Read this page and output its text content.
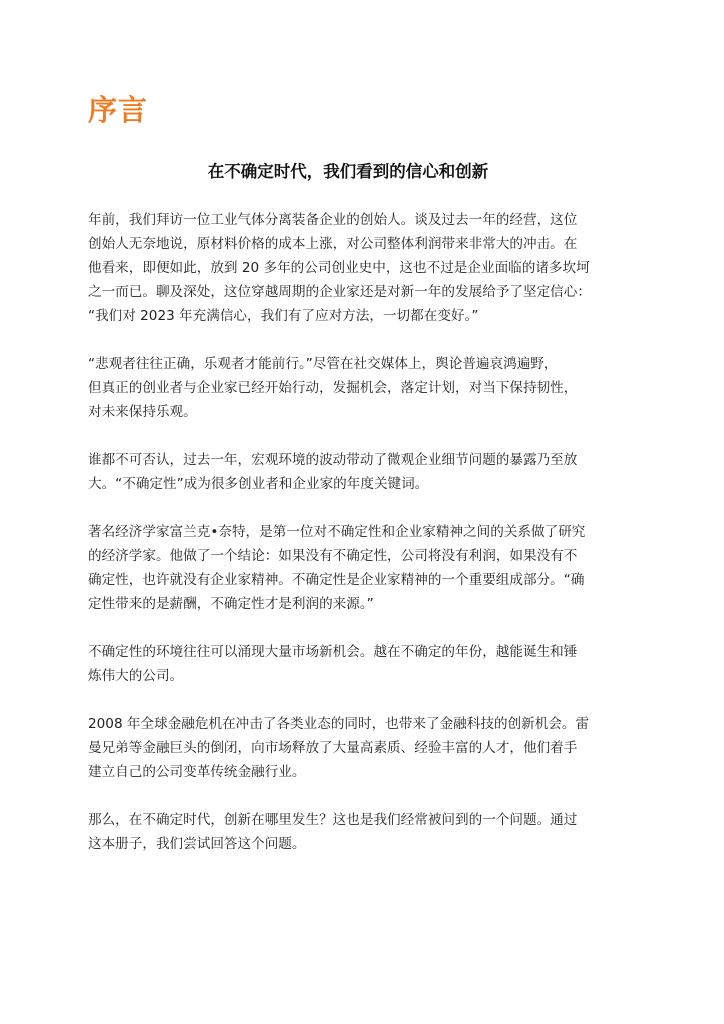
序言
在不确定时代，我们看到的信心和创新

年前，我们拜访一位工业气体分离装备企业的创始人。谈及过去一年的经营，这位
创始人无奈地说，原材料价格的成本上涨，对公司整体利润带来非常大的冲击。在
他看来，即便如此，放到 20 多年的公司创业史中，这也不过是企业面临的诸多坎坷
之一而已。聊及深处，这位穿越周期的企业家还是对新一年的发展给予了坚定信心：
“我们对 2023 年充满信心，我们有了应对方法，一切都在变好。”

“悲观者往往正确，乐观者才能前行。”尽管在社交媒体上，舆论普遍哀鸿遍野，
但真正的创业者与企业家已经开始行动，发掘机会，落定计划，对当下保持韧性，
对未来保持乐观。

谁都不可否认，过去一年，宏观环境的波动带动了微观企业细节问题的暴露乃至放
大。“不确定性”成为很多创业者和企业家的年度关键词。

著名经济学家富兰克•奈特，是第一位对不确定性和企业家精神之间的关系做了研究
的经济学家。他做了一个结论：如果没有不确定性，公司将没有利润，如果没有不
确定性，也许就没有企业家精神。不确定性是企业家精神的一个重要组成部分。“确
定性带来的是薪酬，不确定性才是利润的来源。”

不确定性的环境往往可以涌现大量市场新机会。越在不确定的年份，越能诞生和锤
炼伟大的公司。

2008 年全球金融危机在冲击了各类业态的同时，也带来了金融科技的创新机会。雷
曼兄弟等金融巨头的倒闭，向市场释放了大量高素质、经验丰富的人才，他们着手
建立自己的公司变革传统金融行业。

那么，在不确定时代，创新在哪里发生？这也是我们经常被问到的一个问题。通过
这本册子，我们尝试回答这个问题。
